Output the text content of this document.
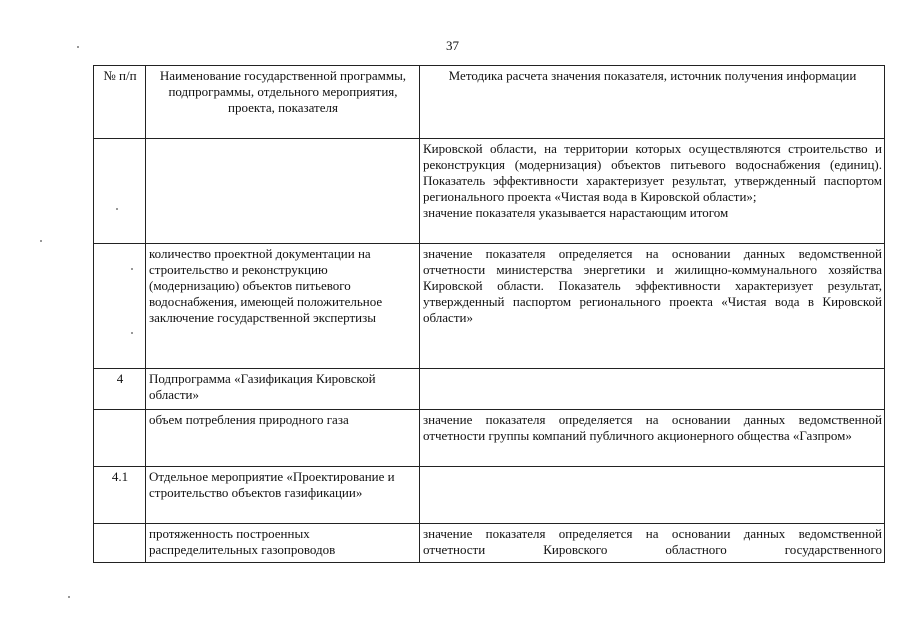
37
№ п/п	Наименование государственной программы, подпрограммы, отдельного мероприятия, проекта, показателя	Методика расчета значения показателя, источник получения информации

		Кировской области, на территории которых осуществляются строительство и реконструкция (модернизация) объектов питьевого водоснабжения (единиц). Показатель эффективности характеризует результат, утвержденный паспортом регионального проекта «Чистая вода в Кировской области»;
значение показателя указывается нарастающим итогом

	количество проектной документации на строительство и реконструкцию (модернизацию) объектов питьевого водоснабжения, имеющей положительное заключение государственной экспертизы	значение показателя определяется на основании данных ведомственной отчетности министерства энергетики и жилищно-коммунального хозяйства Кировской области. Показатель эффективности характеризует результат, утвержденный паспортом регионального проекта «Чистая вода в Кировской области»
4	Подпрограмма «Газификация Кировской области»	
	объем потребления природного газа	значение показателя определяется на основании данных ведомственной отчетности группы компаний публичного акционерного общества «Газпром»
4.1	Отдельное мероприятие «Проектирование и строительство объектов газификации»	
	протяженность построенных распределительных газопроводов	значение показателя определяется на основании данных ведомственной отчетности Кировского областного государственного
